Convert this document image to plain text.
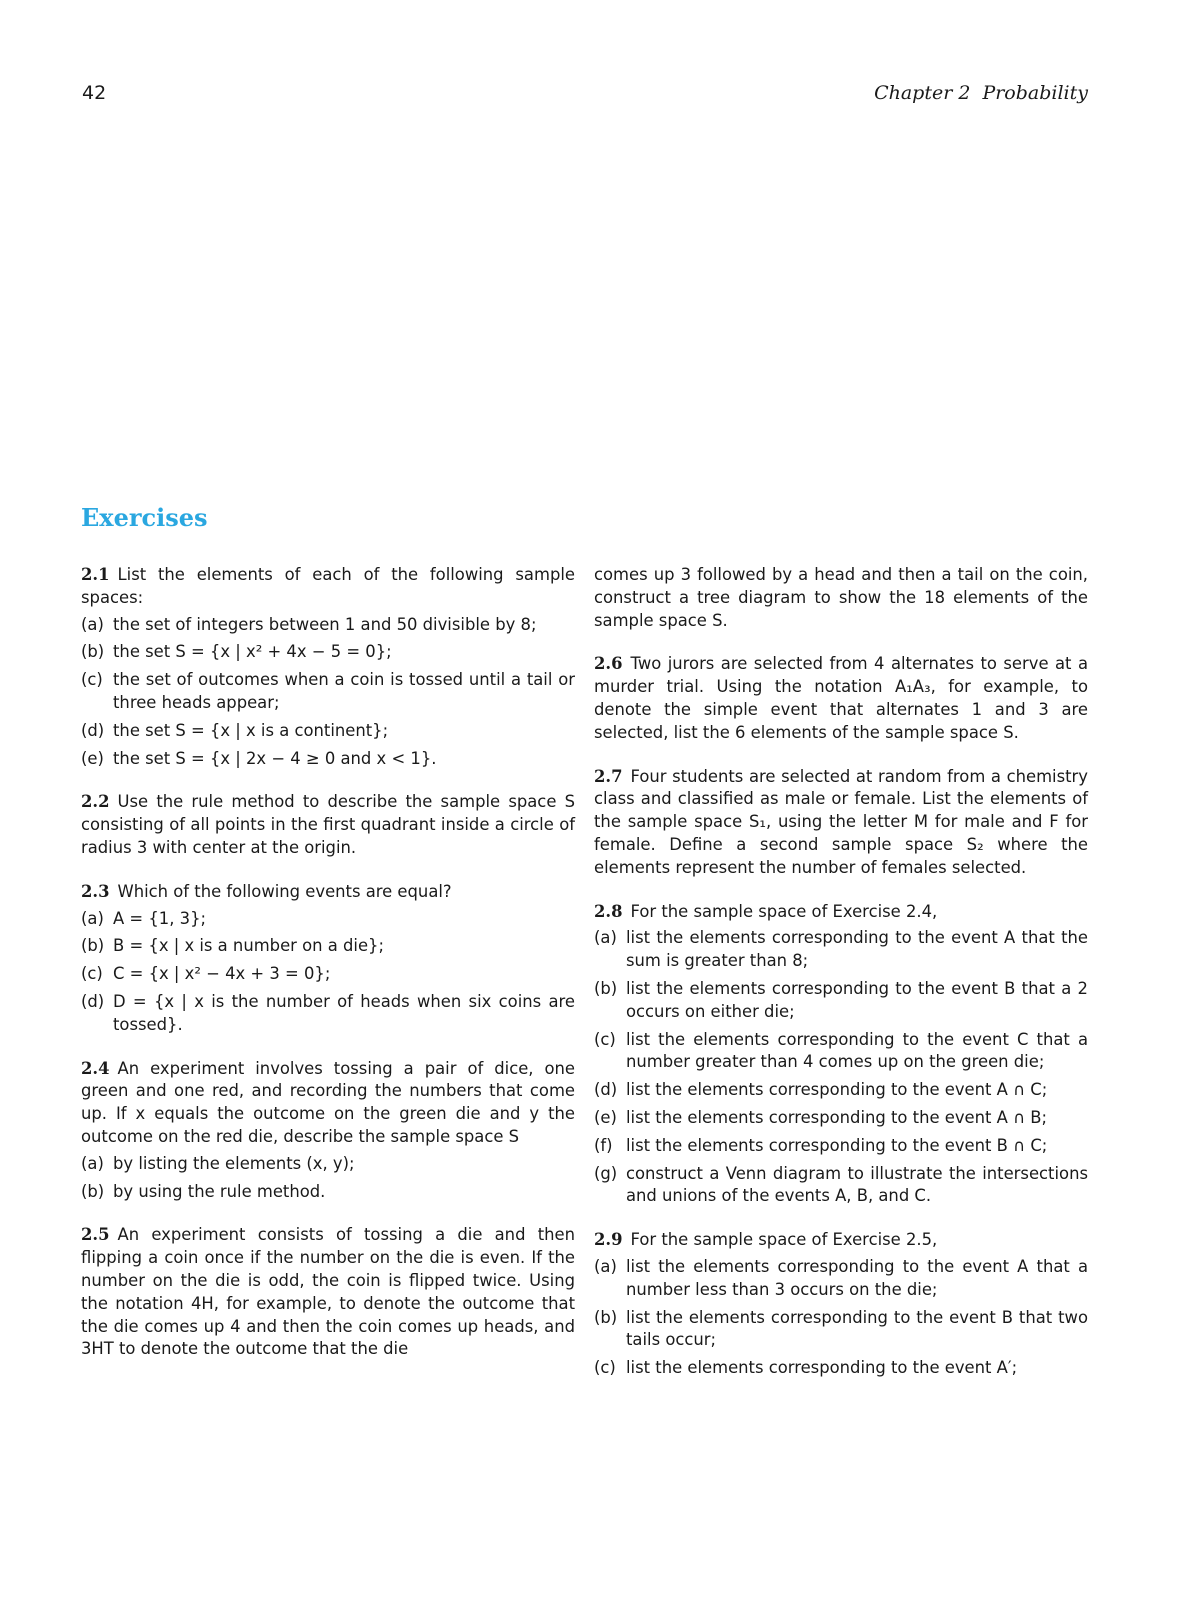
42	Chapter 2 Probability
Exercises
2.1 List the elements of each of the following sample spaces:
(a) the set of integers between 1 and 50 divisible by 8;
(b) the set S = {x | x² + 4x − 5 = 0};
(c) the set of outcomes when a coin is tossed until a tail or three heads appear;
(d) the set S = {x | x is a continent};
(e) the set S = {x | 2x − 4 ≥ 0 and x < 1}.
2.2 Use the rule method to describe the sample space S consisting of all points in the first quadrant inside a circle of radius 3 with center at the origin.
2.3 Which of the following events are equal?
(a) A = {1, 3};
(b) B = {x | x is a number on a die};
(c) C = {x | x² − 4x + 3 = 0};
(d) D = {x | x is the number of heads when six coins are tossed}.
2.4 An experiment involves tossing a pair of dice, one green and one red, and recording the numbers that come up. If x equals the outcome on the green die and y the outcome on the red die, describe the sample space S
(a) by listing the elements (x, y);
(b) by using the rule method.
2.5 An experiment consists of tossing a die and then flipping a coin once if the number on the die is even. If the number on the die is odd, the coin is flipped twice. Using the notation 4H, for example, to denote the outcome that the die comes up 4 and then the coin comes up heads, and 3HT to denote the outcome that the die
comes up 3 followed by a head and then a tail on the coin, construct a tree diagram to show the 18 elements of the sample space S.
2.6 Two jurors are selected from 4 alternates to serve at a murder trial. Using the notation A₁A₃, for example, to denote the simple event that alternates 1 and 3 are selected, list the 6 elements of the sample space S.
2.7 Four students are selected at random from a chemistry class and classified as male or female. List the elements of the sample space S₁, using the letter M for male and F for female. Define a second sample space S₂ where the elements represent the number of females selected.
2.8 For the sample space of Exercise 2.4,
(a) list the elements corresponding to the event A that the sum is greater than 8;
(b) list the elements corresponding to the event B that a 2 occurs on either die;
(c) list the elements corresponding to the event C that a number greater than 4 comes up on the green die;
(d) list the elements corresponding to the event A ∩ C;
(e) list the elements corresponding to the event A ∩ B;
(f) list the elements corresponding to the event B ∩ C;
(g) construct a Venn diagram to illustrate the intersections and unions of the events A, B, and C.
2.9 For the sample space of Exercise 2.5,
(a) list the elements corresponding to the event A that a number less than 3 occurs on the die;
(b) list the elements corresponding to the event B that two tails occur;
(c) list the elements corresponding to the event A′;
